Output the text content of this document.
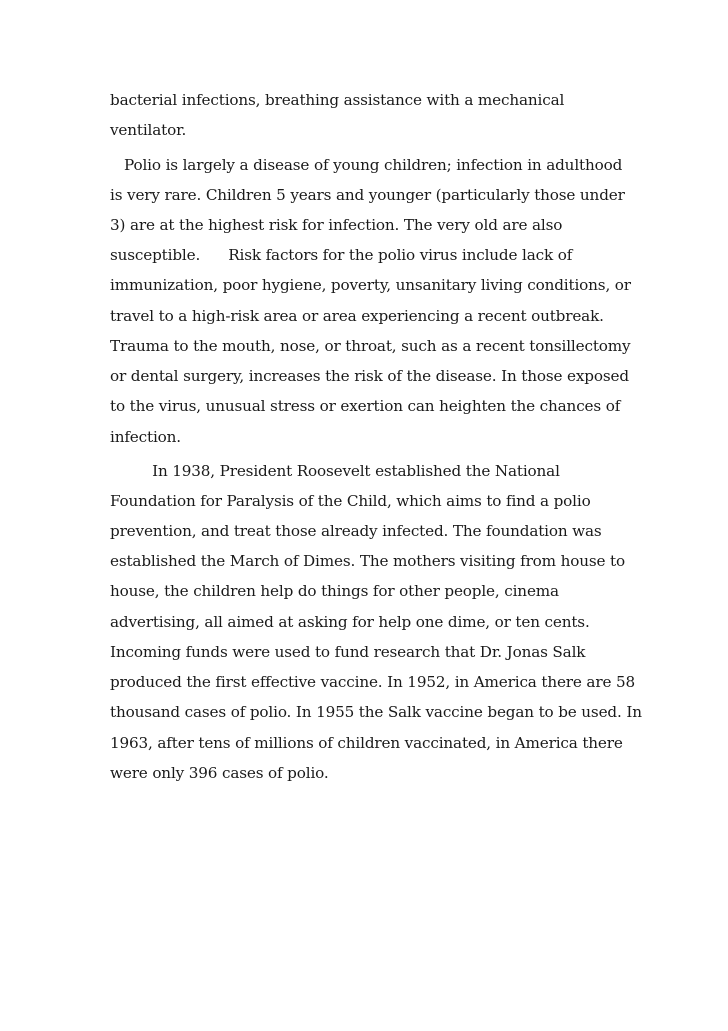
bacterial infections, breathing assistance with a mechanical
ventilator.
Polio is largely a disease of young children; infection in adulthood
is very rare. Children 5 years and younger (particularly those under
3) are at the highest risk for infection. The very old are also
susceptible.      Risk factors for the polio virus include lack of
immunization, poor hygiene, poverty, unsanitary living conditions, or
travel to a high-risk area or area experiencing a recent outbreak.
Trauma to the mouth, nose, or throat, such as a recent tonsillectomy
or dental surgery, increases the risk of the disease. In those exposed
to the virus, unusual stress or exertion can heighten the chances of
infection.
In 1938, President Roosevelt established the National
Foundation for Paralysis of the Child, which aims to find a polio
prevention, and treat those already infected. The foundation was
established the March of Dimes. The mothers visiting from house to
house, the children help do things for other people, cinema
advertising, all aimed at asking for help one dime, or ten cents.
Incoming funds were used to fund research that Dr. Jonas Salk
produced the first effective vaccine. In 1952, in America there are 58
thousand cases of polio. In 1955 the Salk vaccine began to be used. In
1963, after tens of millions of children vaccinated, in America there
were only 396 cases of polio.
